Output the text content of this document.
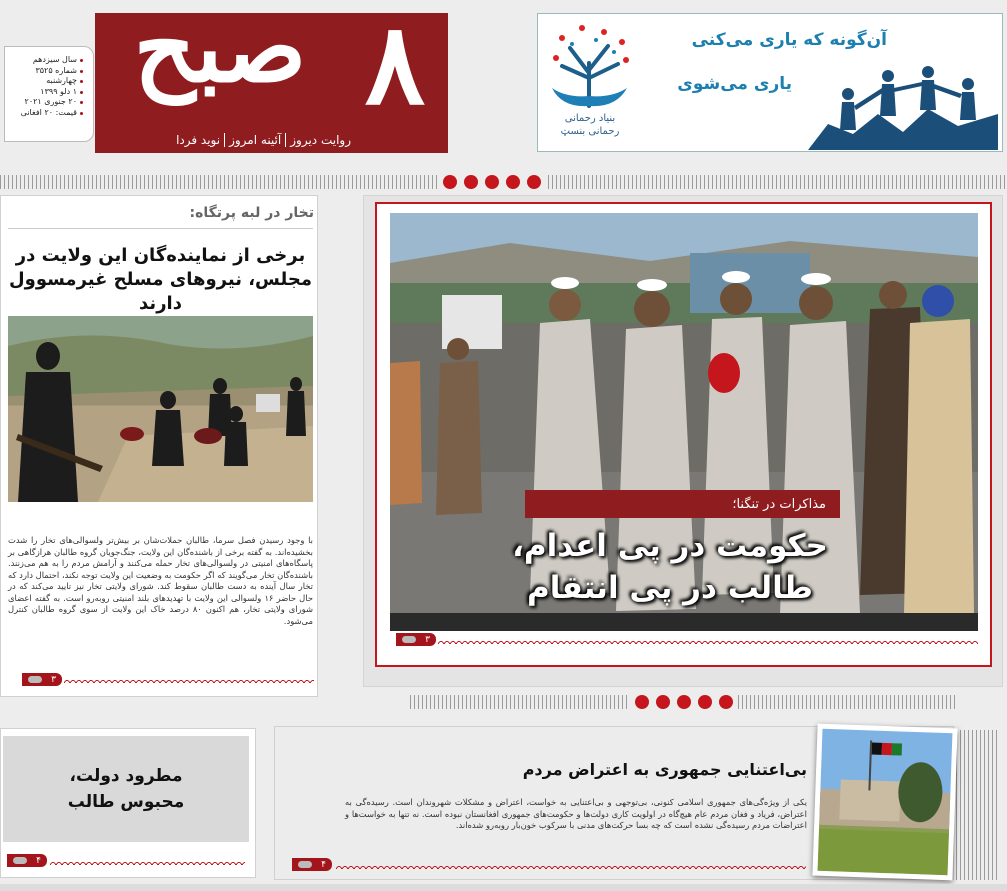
سال سیزدهم
شماره ۳۵۲۵
چهارشنبه
۱ دلو ۱۳۹۹
۲۰ جنوری ۲۰۲۱
قیمت: ۲۰ افغانی
صبح ۸
روایت دیروز
آئینه امروز
نوید فردا
بنیاد رحمانی
رحمانی بنسټ
آن‌گونه که یاری می‌کنی
یاری می‌شوی
تخار در لبه پرتگاه:
برخی از نماینده‌گان این ولایت در مجلس، نیروهای مسلح غیرمسوول دارند
با وجود رسیدن فصل سرما، طالبان حملات‌شان بر بیش‌تر ولسوالی‌های تخار را شدت بخشیده‌اند. به گفته برخی از باشنده‌گان این ولایت، جنگ‌جویان گروه طالبان هرازگاهی بر پاسگاه‌های امنیتی در ولسوالی‌های تخار حمله می‌کنند و آرامش مردم را به هم می‌زنند. باشنده‌گان تخار می‌گویند که اگر حکومت به وضعیت این ولایت توجه نکند، احتمال دارد که تخار سال آینده به دست طالبان سقوط کند. شورای ولایتی تخار نیز تایید می‌کند که در حال حاضر ۱۶ ولسوالی این ولایت با تهدیدهای بلند امنیتی روبه‌رو است. به گفته اعضای شورای ولایتی تخار، هم اکنون ۸۰ درصد خاک این ولایت از سوی گروه طالبان کنترل می‌شود.
۳
مذاکرات در تنگنا؛
حکومت در پی اعدام،
طالب در پی انتقام
۳
مطرود دولت،
محبوس طالب
۴
بی‌اعتنایی جمهوری به اعتراض مردم
یکی از ویژه‌گی‌های جمهوری اسلامی کنونی، بی‌توجهی و بی‌اعتنایی به خواست، اعتراض و مشکلات شهروندان است. رسیده‌گی به اعتراض، فریاد و فغان مردم عام هیچ‌گاه در اولویت کاری دولت‌ها و حکومت‌های جمهوری افغانستان نبوده است. نه تنها به خواست‌ها و اعتراضات مردم رسیده‌گی نشده است که چه بسا حرکت‌های مدنی با سرکوب خون‌بار روبه‌رو شده‌اند.
۴
